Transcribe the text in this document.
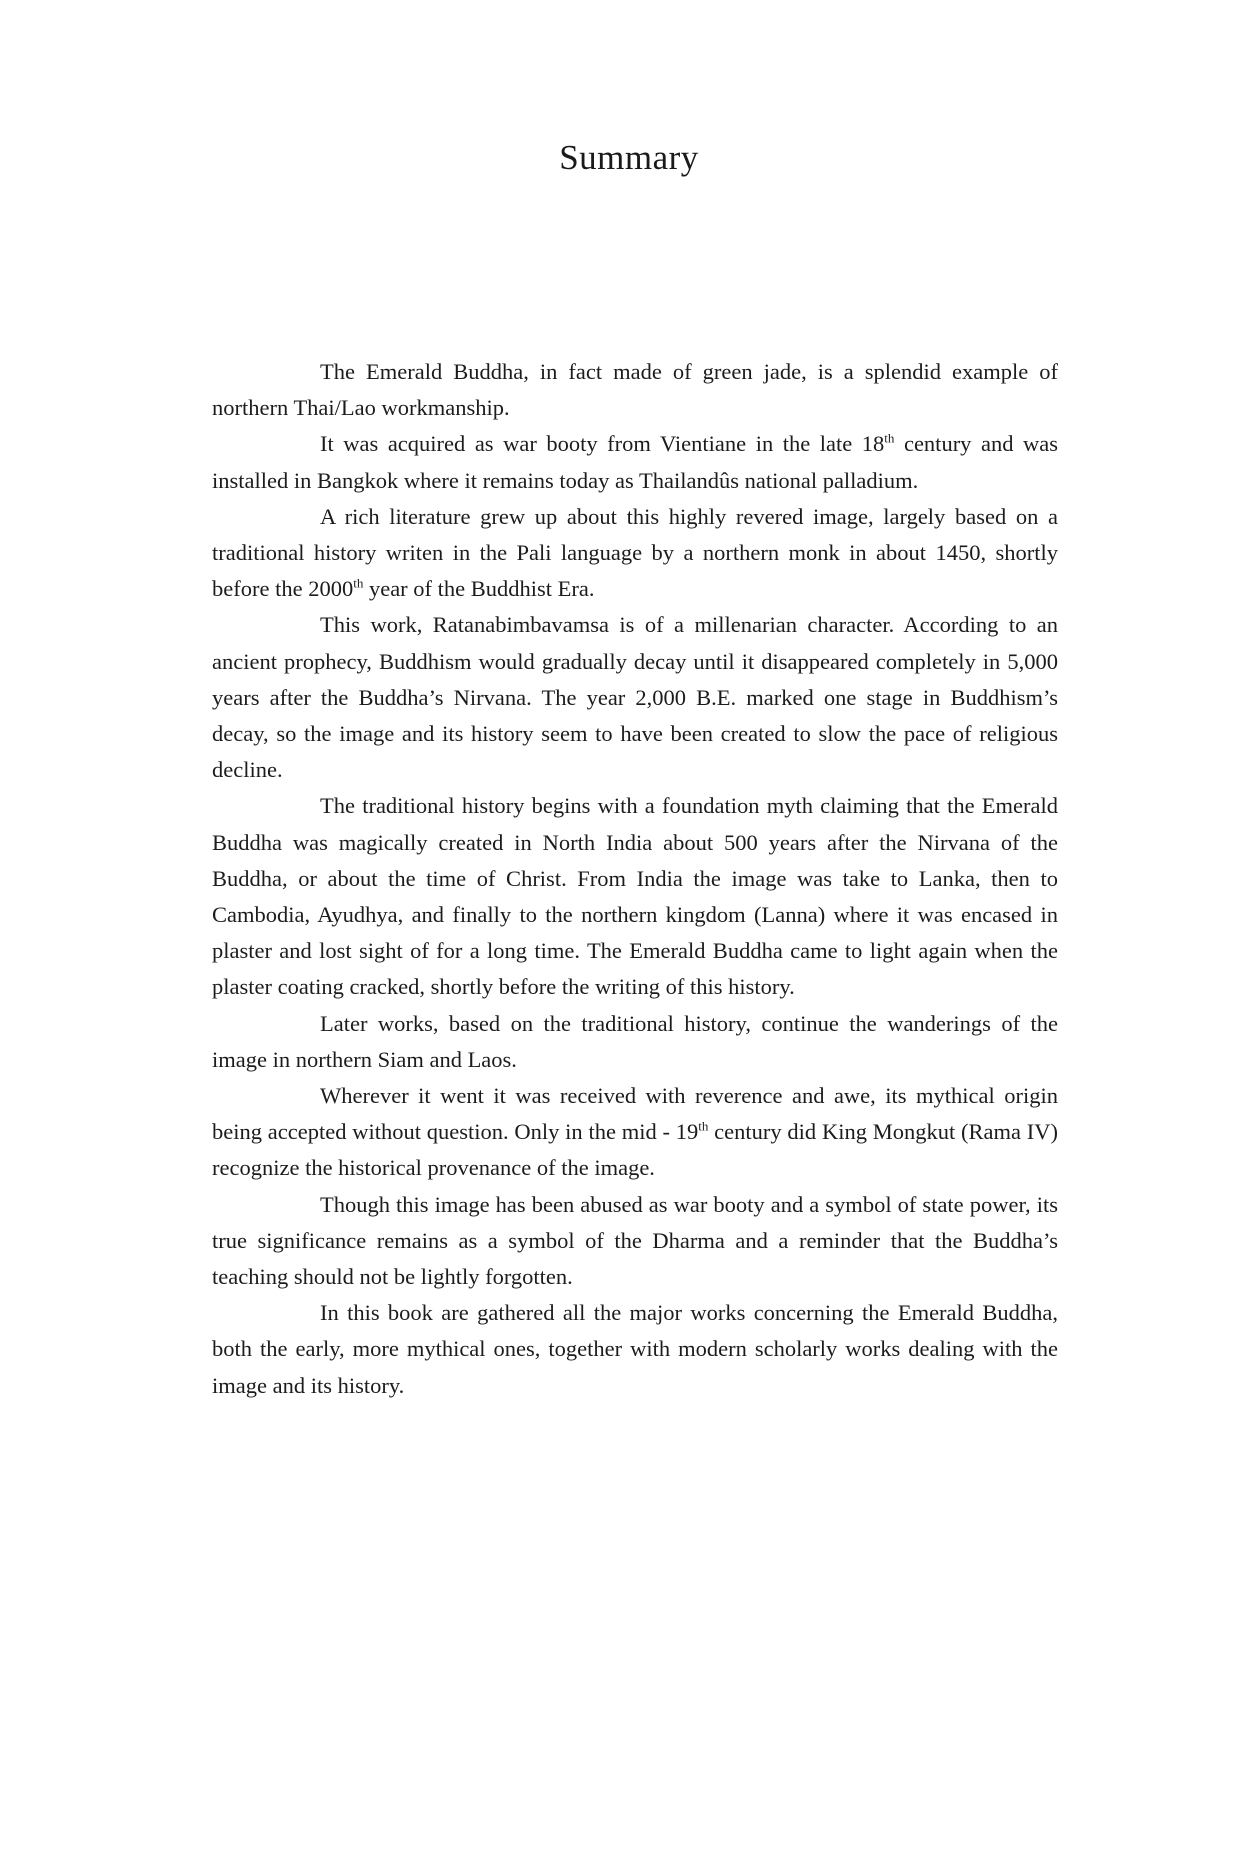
Summary

The Emerald Buddha, in fact made of green jade, is a splendid example of northern Thai/Lao workmanship.

It was acquired as war booty from Vientiane in the late 18th century and was installed in Bangkok where it remains today as Thailandûs national palladium.

A rich literature grew up about this highly revered image, largely based on a traditional history writen in the Pali language by a northern monk in about 1450, shortly before the 2000th year of the Buddhist Era.

This work, Ratanabimbavamsa is of a millenarian character. According to an ancient prophecy, Buddhism would gradually decay until it disappeared completely in 5,000 years after the Buddha’s Nirvana. The year 2,000 B.E. marked one stage in Buddhism’s decay, so the image and its history seem to have been created to slow the pace of religious decline.

The traditional history begins with a foundation myth claiming that the Emerald Buddha was magically created in North India about 500 years after the Nirvana of the Buddha, or about the time of Christ. From India the image was take to Lanka, then to Cambodia, Ayudhya, and finally to the northern kingdom (Lanna) where it was encased in plaster and lost sight of for a long time. The Emerald Buddha came to light again when the plaster coating cracked, shortly before the writing of this history.

Later works, based on the traditional history, continue the wanderings of the image in northern Siam and Laos.

Wherever it went it was received with reverence and awe, its mythical origin being accepted without question. Only in the mid - 19th century did King Mongkut (Rama IV) recognize the historical provenance of the image.

Though this image has been abused as war booty and a symbol of state power, its true significance remains as a symbol of the Dharma and a reminder that the Buddha’s teaching should not be lightly forgotten.

In this book are gathered all the major works concerning the Emerald Buddha, both the early, more mythical ones, together with modern scholarly works dealing with the image and its history.
